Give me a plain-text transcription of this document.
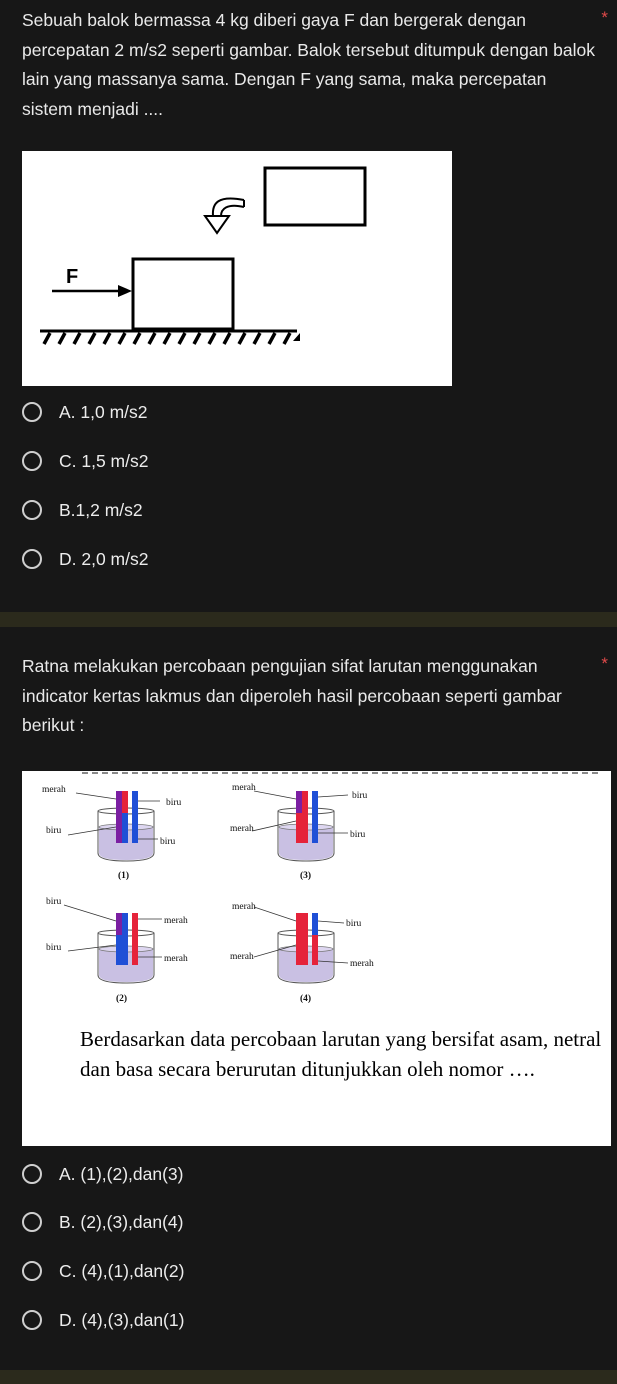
Sebuah balok bermassa 4 kg diberi gaya F dan bergerak dengan percepatan 2 m/s2 seperti gambar. Balok tersebut ditumpuk dengan balok lain yang massanya sama. Dengan F yang sama, maka percepatan sistem menjadi ....
*
F
A. 1,0 m/s2
C. 1,5 m/s2
B.1,2 m/s2
D. 2,0 m/s2
Ratna melakukan percobaan pengujian sifat larutan menggunakan indicator kertas lakmus dan diperoleh hasil percobaan seperti gambar berikut :
*
merah
biru
biru
biru
(1)
merah
biru
merah
biru
(3)
biru
merah
biru
merah
(2)
merah
biru
merah
merah
(4)
Berdasarkan data percobaan larutan yang bersifat asam, netral dan basa secara berurutan ditunjukkan oleh nomor ….
A. (1),(2),dan(3)
B. (2),(3),dan(4)
C. (4),(1),dan(2)
D. (4),(3),dan(1)
